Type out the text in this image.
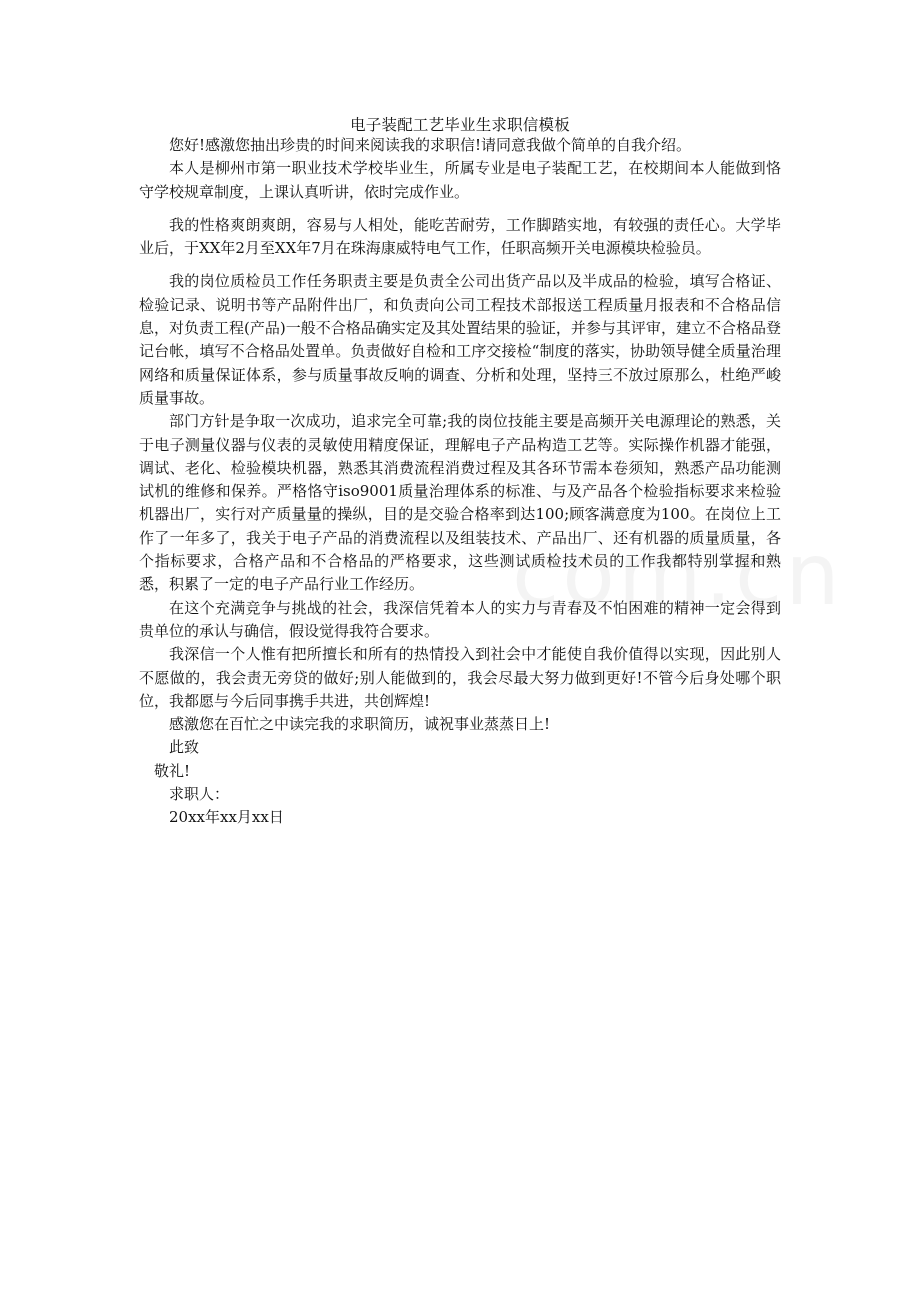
电子装配工艺毕业生求职信模板

您好!感激您抽出珍贵的时间来阅读我的求职信!请同意我做个简单的自我介绍。

本人是柳州市第一职业技术学校毕业生，所属专业是电子装配工艺，在校期间本人能做到恪守学校规章制度，上课认真听讲，依时完成作业。

我的性格爽朗爽朗，容易与人相处，能吃苦耐劳，工作脚踏实地，有较强的责任心。大学毕业后，于XX年2月至XX年7月在珠海康威特电气工作，任职高频开关电源模块检验员。

我的岗位质检员工作任务职责主要是负责全公司出货产品以及半成品的检验，填写合格证、检验记录、说明书等产品附件出厂，和负责向公司工程技术部报送工程质量月报表和不合格品信息，对负责工程(产品)一般不合格品确实定及其处置结果的验证，并参与其评审，建立不合格品登记台帐，填写不合格品处置单。负责做好自检和工序交接检“制度的落实，协助领导健全质量治理网络和质量保证体系，参与质量事故反响的调查、分析和处理，坚持三不放过原那么，杜绝严峻质量事故。

部门方针是争取一次成功，追求完全可靠;我的岗位技能主要是高频开关电源理论的熟悉，关于电子测量仪器与仪表的灵敏使用精度保证，理解电子产品构造工艺等。实际操作机器才能强，调试、老化、检验模块机器，熟悉其消费流程消费过程及其各环节需本卷须知，熟悉产品功能测试机的维修和保养。严格恪守iso9001质量治理体系的标准、与及产品各个检验指标要求来检验机器出厂，实行对产质量量的操纵，目的是交验合格率到达100;顾客满意度为100。在岗位上工作了一年多了，我关于电子产品的消费流程以及组装技术、产品出厂、还有机器的质量质量，各个指标要求，合格产品和不合格品的严格要求，这些测试质检技术员的工作我都特别掌握和熟悉，积累了一定的电子产品行业工作经历。

在这个充满竞争与挑战的社会，我深信凭着本人的实力与青春及不怕困难的精神一定会得到贵单位的承认与确信，假设觉得我符合要求。

我深信一个人惟有把所擅长和所有的热情投入到社会中才能使自我价值得以实现，因此别人不愿做的，我会责无旁贷的做好;别人能做到的，我会尽最大努力做到更好!不管今后身处哪个职位，我都愿与今后同事携手共进，共创辉煌!

感激您在百忙之中读完我的求职简历，诚祝事业蒸蒸日上!

此致

敬礼!

求职人：

20xx年xx月xx日
